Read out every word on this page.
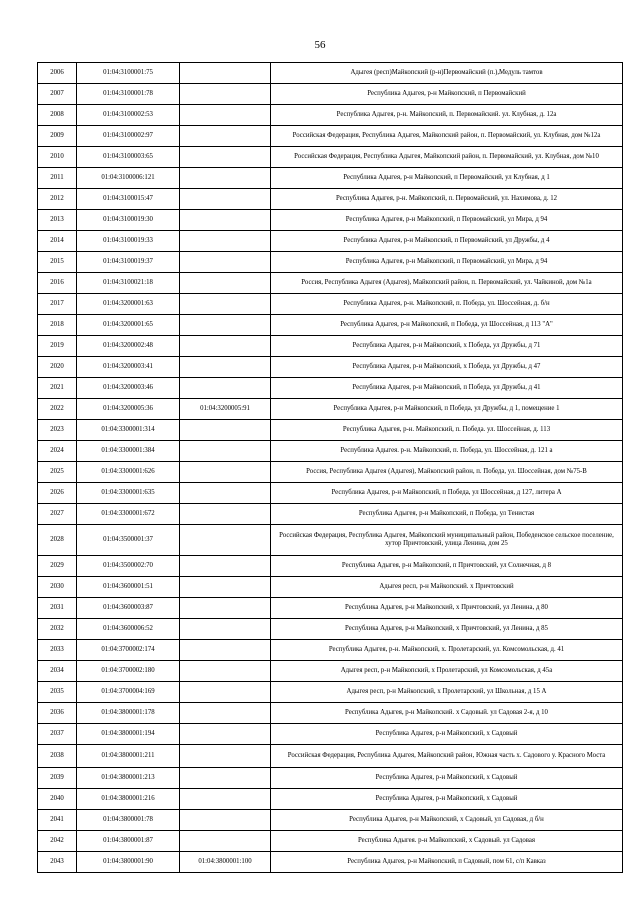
56
2006	01:04:3100001:75		Адыгея (респ)Майкопский (р-н)Первомайский (п.),Медуль тамтов
2007	01:04:3100001:78		Республика Адыгея, р-н Майкопский, п Первомайский
2008	01:04:3100002:53		Республика Адыгея, р-н. Майкопский, п. Первомайский. ул. Клубная, д. 12а
2009	01:04:3100002:97		Российская Федерация, Республика Адыгея, Майкопский район, п. Первомайский, ул. Клубная, дом №12а
2010	01:04:3100003:65		Российская Федерация, Республика Адыгея, Майкопский район, п. Первомайский, ул. Клубная, дом №10
2011	01:04:3100006:121		Республика Адыгея, р-н Майкопский, п Первомайский, ул Клубная, д 1
2012	01:04:3100015:47		Республика Адыгея, р-н. Майкопский, п. Первомайский, ул. Нахимова, д. 12
2013	01:04:3100019:30		Республика Адыгея, р-н Майкопский, п Первомайский, ул Мира, д 94
2014	01:04:3100019:33		Республика Адыгея, р-н Майкопский, п Первомайский, ул Дружбы, д 4
2015	01:04:3100019:37		Республика Адыгея, р-н Майкопский, п Первомайский, ул Мира, д 94
2016	01:04:3100021:18		Россия, Республика Адыгея (Адыгея), Майкопский район, п. Первомайский, ул. Чайкиной, дом №1а
2017	01:04:3200001:63		Республика Адыгея, р-н. Майкопский, п. Победа, ул. Шоссейная, д. б/н
2018	01:04:3200001:65		Республика Адыгея, р-н Майкопский, п Победа, ул Шоссейная, д 113 "А"
2019	01:04:3200002:48		Республика Адыгея, р-н Майкопский, х Победа, ул Дружбы, д 71
2020	01:04:3200003:41		Республика Адыгея, р-н Майкопский, х Победа, ул Дружбы, д 47
2021	01:04:3200003:46		Республика Адыгея, р-н Майкопский, п Победа, ул Дружбы, д 41
2022	01:04:3200005:36	01:04:3200005:91	Республика Адыгея, р-н Майкопский, п Победа, ул Дружбы, д 1, помещение 1
2023	01:04:3300001:314		Республика Адыгея, р-н. Майкопский, п. Победа. ул. Шоссейная, д. 113
2024	01:04:3300001:384		Республика Адыгея. р-н. Майкопский, п. Победа, ул. Шоссейная, д. 121 а
2025	01:04:3300001:626		Россия, Республика Адыгея (Адыгея), Майкопский район, п. Победа, ул. Шоссейная, дом №75-В
2026	01:04:3300001:635		Республика Адыгея, р-н Майкопский, п Победа, ул Шоссейная, д 127, литера А
2027	01:04:3300001:672		Республика Адыгея, р-н Майкопский, п Победа, ул Тенистая
2028	01:04:3500001:37		Российская Федерация, Республика Адыгея, Майкопский муниципальный район, Победенское сельское поселение, хутор Причтовский, улица Ленина, дом 25
2029	01:04:3500002:70		Республика Адыгея, р-н Майкопский, п Причтовский, ул Солнечная, д 8
2030	01:04:3600001:51		Адыгея респ, р-н Майкопский. х Причтовский
2031	01:04:3600003:87		Республика Адыгея, р-н Майкопский, х Причтовский, ул Ленина, д 80
2032	01:04:3600006:52		Республика Адыгея, р-н Майкопский, х Причтовский, ул Ленина, д 85
2033	01:04:3700002:174		Республика Адыгея, р-н. Майкопский, х. Пролетарский, ул. Комсомольская, д. 41
2034	01:04:3700002:180		Адыгея респ, р-н Майкопский, х Пролетарский, ул Комсомольская, д 45а
2035	01:04:3700004:169		Адыгея респ, р-н Майкопский, х Пролетарский, ул Школьная, д 15 А
2036	01:04:3800001:178		Республика Адыгея, р-н Майкопский. х Садовый. ул Садовая 2-я, д 10
2037	01:04:3800001:194		Республика Адыгея, р-н Майкопский, х Садовый
2038	01:04:3800001:211		Российская Федерация, Республика Адыгея, Майкопский район, Южная часть х. Садового у. Красного Моста
2039	01:04:3800001:213		Республика Адыгея, р-н Майкопский, х Садовый
2040	01:04:3800001:216		Республика Адыгея, р-н Майкопский, х Садовый
2041	01:04:3800001:78		Республика Адыгея, р-н Майкопский, х Садовый, ул Садовая, д б/н
2042	01:04:3800001:87		Республика Адыгея. р-н Майкопский, х Садовый. ул Садовая
2043	01:04:3800001:90	01:04:3800001:100	Республика Адыгея, р-н Майкопский, п Садовый, пом 61, с/п Кавказ
